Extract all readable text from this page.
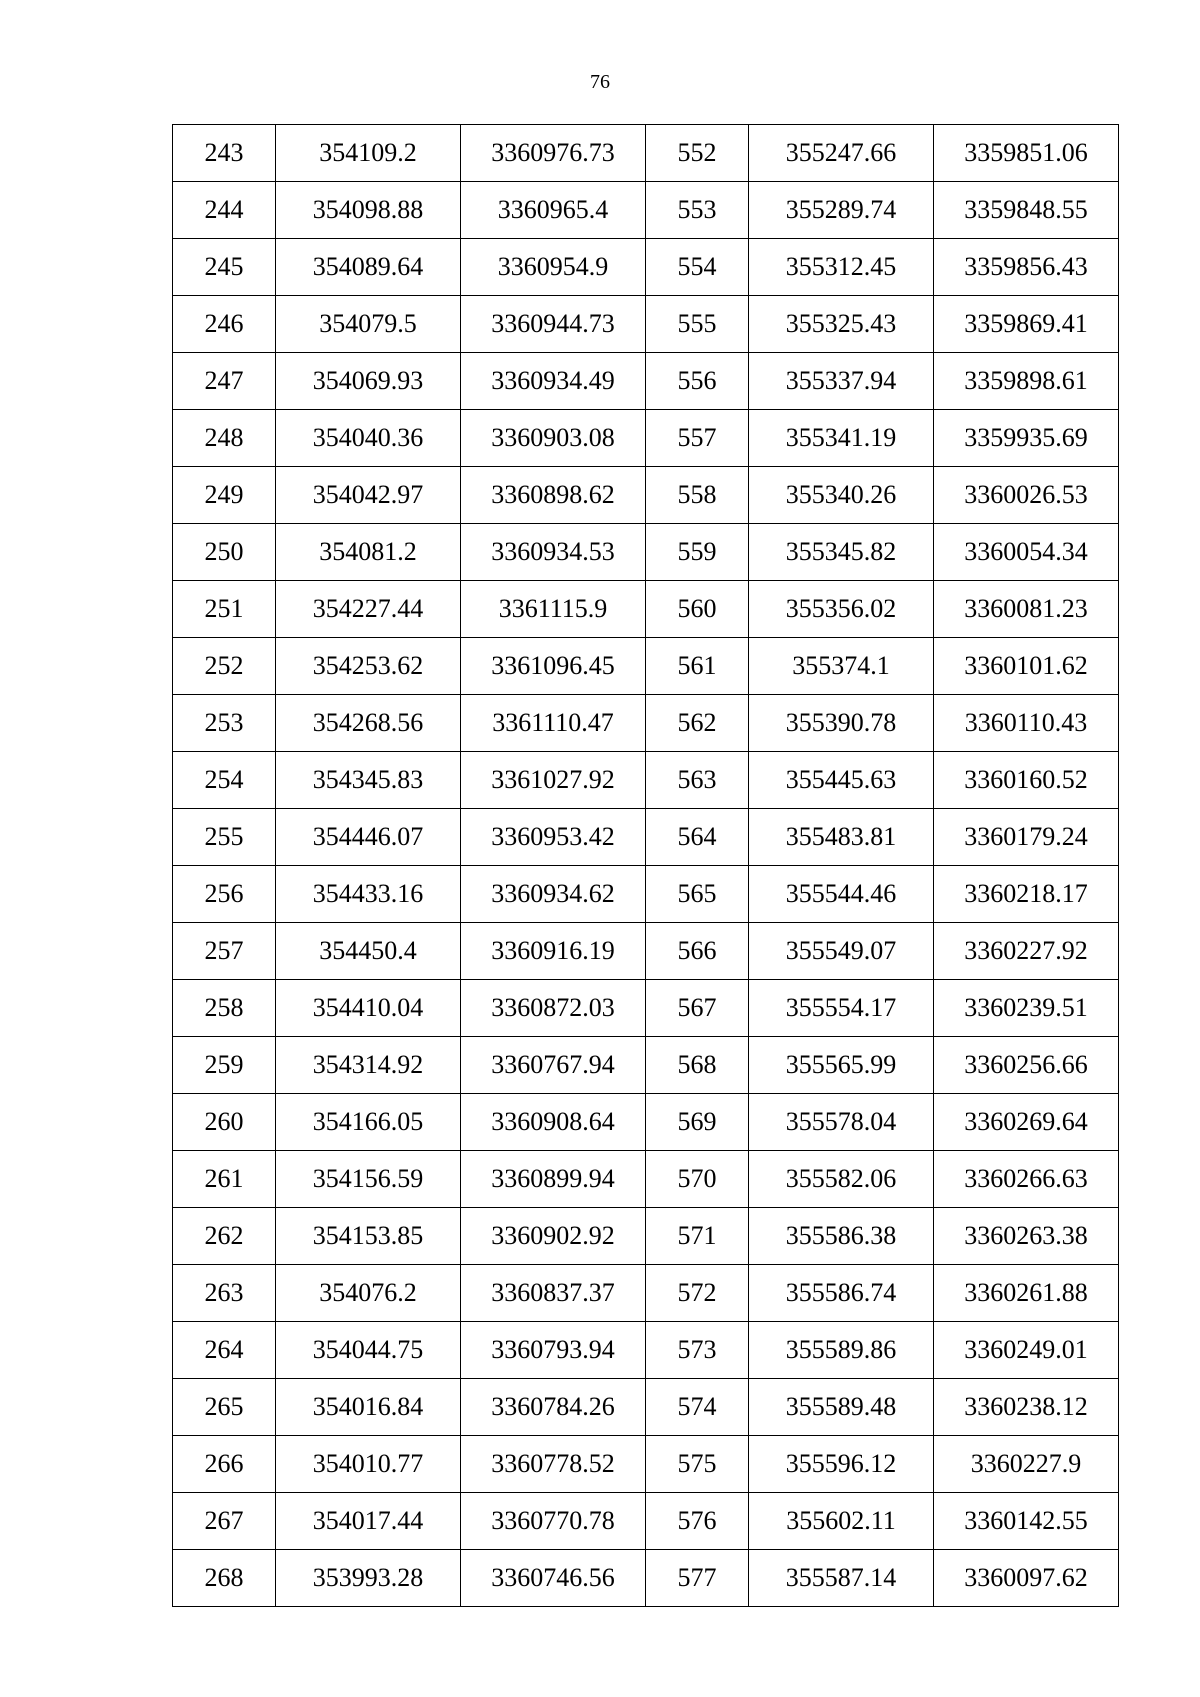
76
243	354109.2	3360976.73	552	355247.66	3359851.06
244	354098.88	3360965.4	553	355289.74	3359848.55
245	354089.64	3360954.9	554	355312.45	3359856.43
246	354079.5	3360944.73	555	355325.43	3359869.41
247	354069.93	3360934.49	556	355337.94	3359898.61
248	354040.36	3360903.08	557	355341.19	3359935.69
249	354042.97	3360898.62	558	355340.26	3360026.53
250	354081.2	3360934.53	559	355345.82	3360054.34
251	354227.44	3361115.9	560	355356.02	3360081.23
252	354253.62	3361096.45	561	355374.1	3360101.62
253	354268.56	3361110.47	562	355390.78	3360110.43
254	354345.83	3361027.92	563	355445.63	3360160.52
255	354446.07	3360953.42	564	355483.81	3360179.24
256	354433.16	3360934.62	565	355544.46	3360218.17
257	354450.4	3360916.19	566	355549.07	3360227.92
258	354410.04	3360872.03	567	355554.17	3360239.51
259	354314.92	3360767.94	568	355565.99	3360256.66
260	354166.05	3360908.64	569	355578.04	3360269.64
261	354156.59	3360899.94	570	355582.06	3360266.63
262	354153.85	3360902.92	571	355586.38	3360263.38
263	354076.2	3360837.37	572	355586.74	3360261.88
264	354044.75	3360793.94	573	355589.86	3360249.01
265	354016.84	3360784.26	574	355589.48	3360238.12
266	354010.77	3360778.52	575	355596.12	3360227.9
267	354017.44	3360770.78	576	355602.11	3360142.55
268	353993.28	3360746.56	577	355587.14	3360097.62
